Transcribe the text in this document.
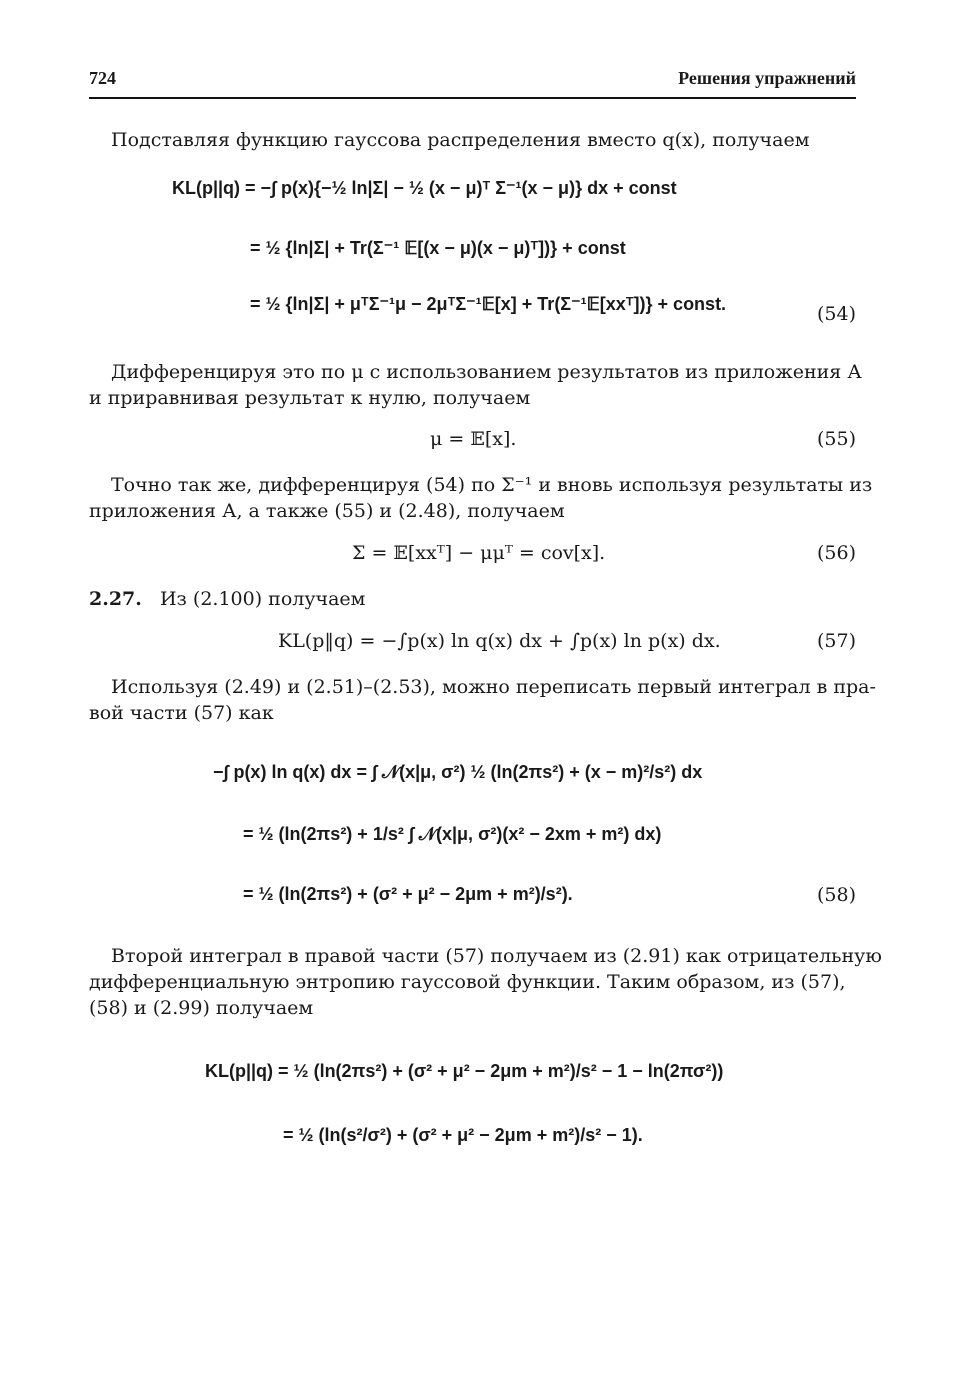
724	Решения упражнений
Подставляя функцию гауссова распределения вместо q(x), получаем
KL(p||q) = −∫ p(x){−½ ln|Σ| − ½ (x − μ)ᵀ Σ⁻¹(x − μ)} dx + const
= ½ {ln|Σ| + Tr(Σ⁻¹ 𝔼[(x − μ)(x − μ)ᵀ])} + const
= ½ {ln|Σ| + μᵀΣ⁻¹μ − 2μᵀΣ⁻¹𝔼[x] + Tr(Σ⁻¹𝔼[xxᵀ])} + const.	(54)
Дифференцируя это по μ с использованием результатов из приложения А
и приравнивая результат к нулю, получаем
μ = 𝔼[x].	(55)
Точно так же, дифференцируя (54) по Σ⁻¹ и вновь используя результаты из
приложения А, а также (55) и (2.48), получаем
Σ = 𝔼[xxᵀ] − μμᵀ = cov[x].	(56)
2.27. Из (2.100) получаем
KL(p‖q) = −∫p(x) ln q(x) dx + ∫p(x) ln p(x) dx.	(57)
Используя (2.49) и (2.51)–(2.53), можно переписать первый интеграл в пра-
вой части (57) как
−∫ p(x) ln q(x) dx = ∫ 𝒩(x|μ, σ²) ½ (ln(2πs²) + (x − m)²/s²) dx
= ½ (ln(2πs²) + 1/s² ∫ 𝒩(x|μ, σ²)(x² − 2xm + m²) dx)
= ½ (ln(2πs²) + (σ² + μ² − 2μm + m²)/s²).	(58)
Второй интеграл в правой части (57) получаем из (2.91) как отрицательную
дифференциальную энтропию гауссовой функции. Таким образом, из (57),
(58) и (2.99) получаем
KL(p||q) = ½ (ln(2πs²) + (σ² + μ² − 2μm + m²)/s² − 1 − ln(2πσ²))
= ½ (ln(s²/σ²) + (σ² + μ² − 2μm + m²)/s² − 1).
